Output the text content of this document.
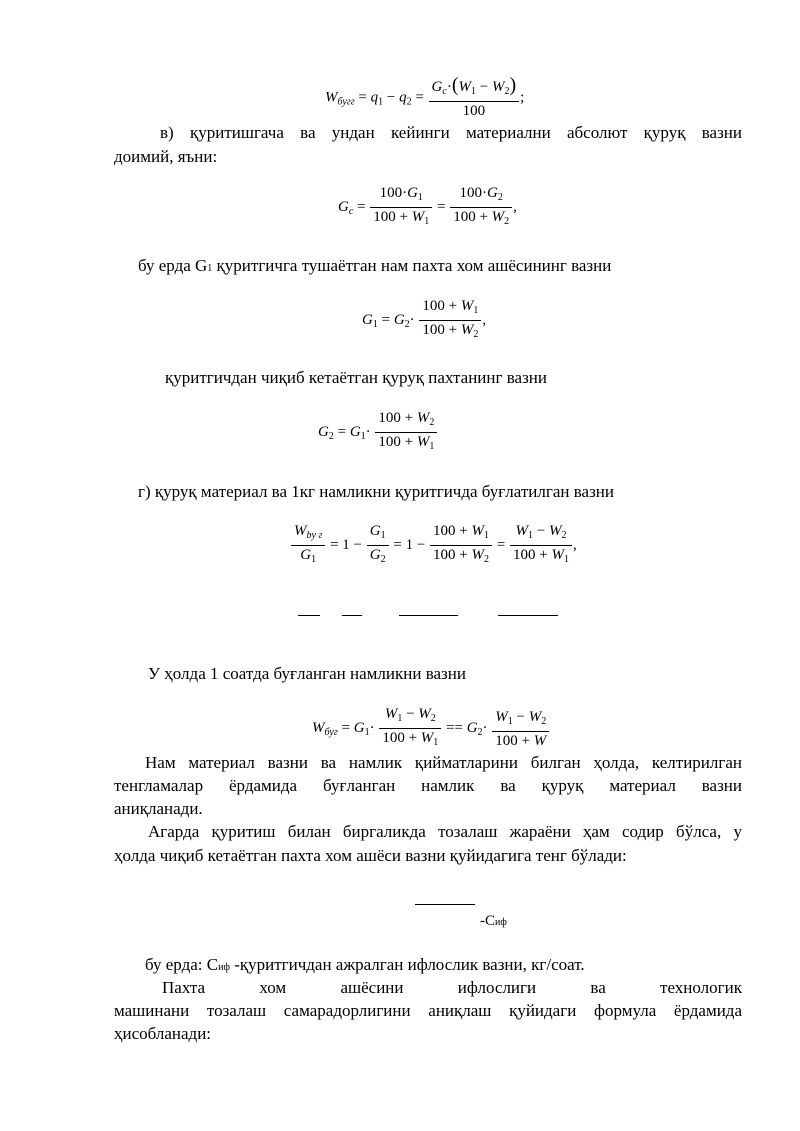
$W_{бугг} = q_1 - q_2 = \frac{G_c\cdot(W_1 - W_2)}{100}$ ;
в) қуритишгача ва ундан кейинги материални абсолют қуруқ вазни
доимий, яъни:
$G_c = \frac{100\cdot G_1}{100 + W_1} = \frac{100\cdot G_2}{100 + W_2}$ ,
бу ерда G1 қуритгичга тушаётган нам пахта хом ашёсининг вазни
$G_1 = G_2\cdot \frac{100 + W_1}{100 + W_2}$ ,
қуритгичдан чиқиб кетаётган қуруқ пахтанинг вазни
$G_2 = G_1\cdot \frac{100 + W_2}{100 + W_1}$
г) қуруқ материал ва 1кг намликни қуритгичда буғлатилган вазни
$\frac{W_{bу г}}{G_1} = 1 - \frac{G_1}{G_2} = 1 - \frac{100 + W_1}{100 + W_2} = \frac{W_1 - W_2}{100 + W_1}$ ,
У ҳолда 1 соатда буғланган намликни вазни
$W_{буг} = G_1\cdot \frac{W_1 - W_2}{100 + W_1} == G_2\cdot \frac{W_1 - W_2}{100 + W}$
Нам материал вазни ва намлик қийматларини билган ҳолда, келтирилган
тенгламалар ёрдамида буғланган намлик ва қуруқ материал вазни
аниқланади.
Агарда қуритиш билан биргаликда тозалаш жараёни ҳам содир бўлса, у
ҳолда чиқиб кетаётган пахта хом ашёси вазни қуйидагига тенг бўлади:
-Сиф
бу ерда: Сиф -қуритгичдан ажралган ифлослик вазни, кг/соат.
Пахта хом ашёсини ифлослиги ва технологик
машинани тозалаш самарадорлигини аниқлаш қуйидаги формула ёрдамида
ҳисобланади:
